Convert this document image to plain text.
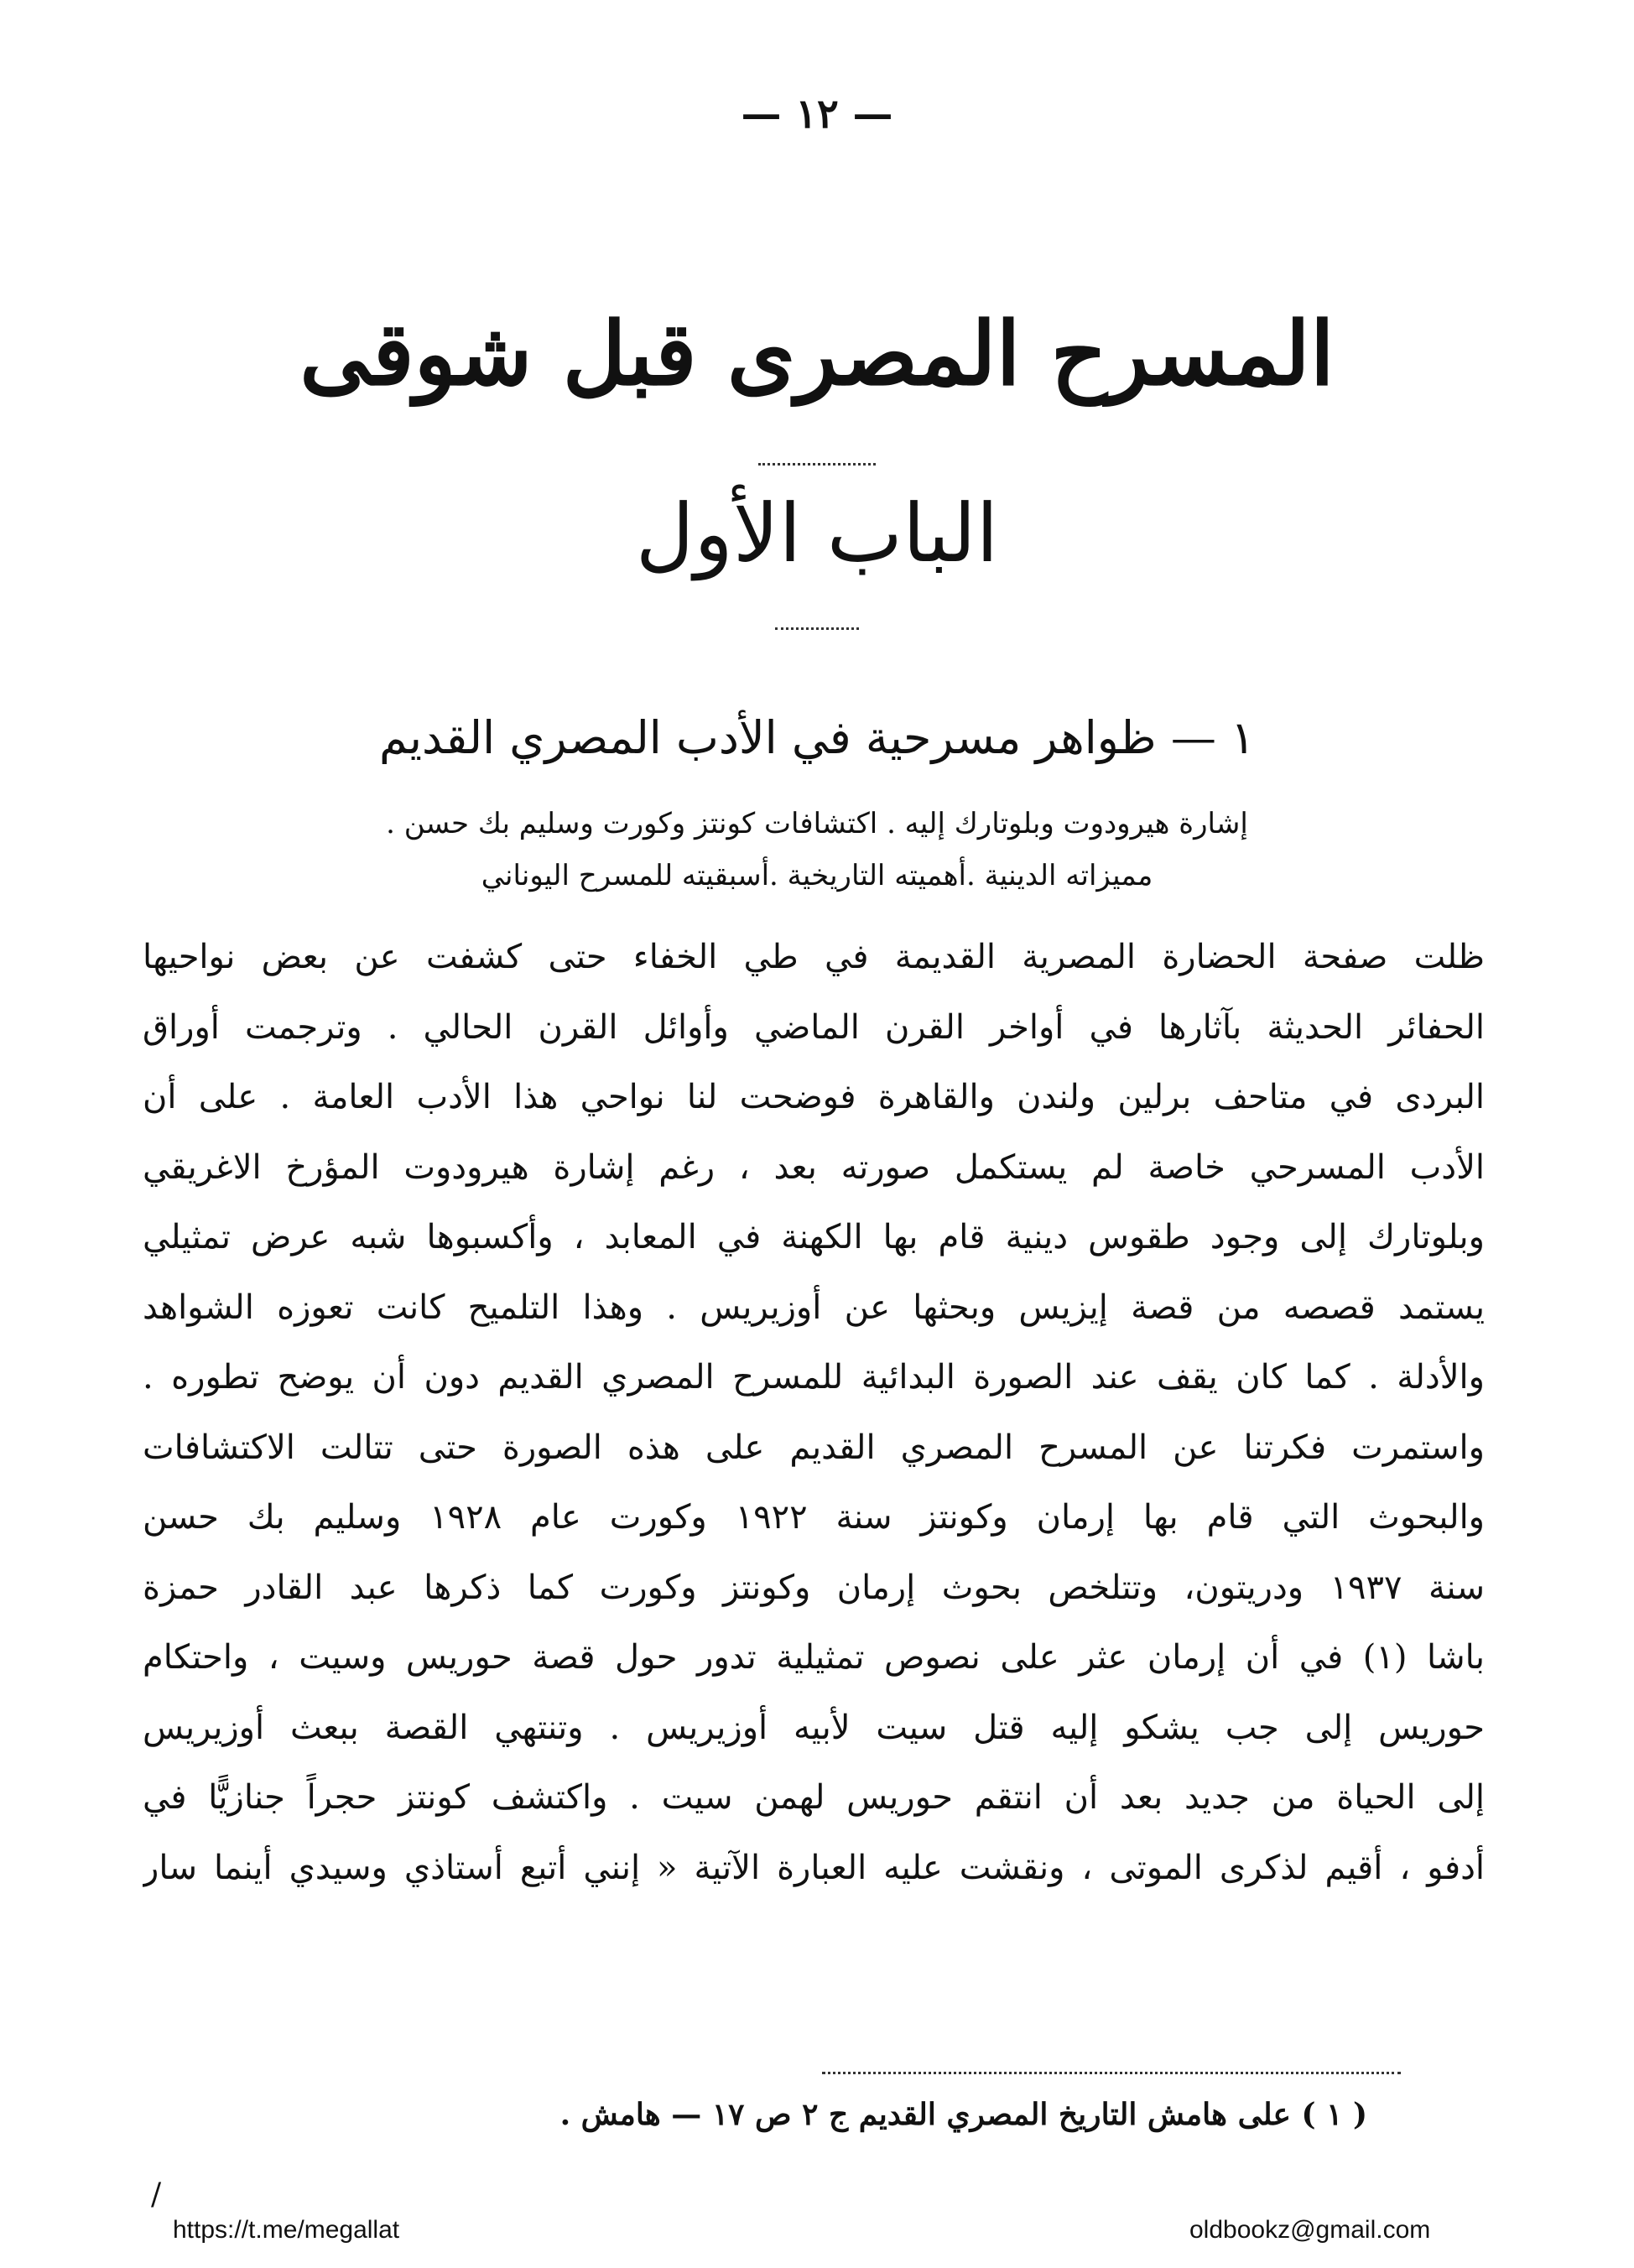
— ١٢ —
المسرح المصرى قبل شوقى
الباب الأول
١ — ظواهر مسرحية في الأدب المصري القديم
إشارة هيرودوت وبلوتارك إليه . اكتشافات كونتز وكورت وسليم بك حسن .
مميزاته الدينية .أهميته التاريخية .أسبقيته للمسرح اليوناني
ظلت صفحة الحضارة المصرية القديمة في طي الخفاء حتى كشفت عن بعض نواحيها
الحفائر الحديثة بآثارها في أواخر القرن الماضي وأوائل القرن الحالي . وترجمت أوراق
البردى في متاحف برلين ولندن والقاهرة فوضحت لنا نواحي هذا الأدب العامة . على أن
الأدب المسرحي خاصة لم يستكمل صورته بعد ، رغم إشارة هيرودوت المؤرخ الاغريقي
وبلوتارك إلى وجود طقوس دينية قام بها الكهنة في المعابد ، وأكسبوها شبه عرض تمثيلي
يستمد قصصه من قصة إيزيس وبحثها عن أوزيريس . وهذا التلميح كانت تعوزه الشواهد
والأدلة . كما كان يقف عند الصورة البدائية للمسرح المصري القديم دون أن يوضح تطوره .
واستمرت فكرتنا عن المسرح المصري القديم على هذه الصورة حتى تتالت الاكتشافات
والبحوث التي قام بها إرمان وكونتز سنة ١٩٢٢ وكورت عام ١٩٢٨ وسليم بك حسن
سنة ١٩٣٧ ودريتون، وتتلخص بحوث إرمان وكونتز وكورت كما ذكرها عبد القادر حمزة
باشا (١) في أن إرمان عثر على نصوص تمثيلية تدور حول قصة حوريس وسيت ، واحتكام
حوريس إلى جب يشكو إليه قتل سيت لأبيه أوزيريس . وتنتهي القصة ببعث أوزيريس
إلى الحياة من جديد بعد أن انتقم حوريس لهمن سيت . واكتشف كونتز حجراً جنازيًّا في
أدفو ، أقيم لذكرى الموتى ، ونقشت عليه العبارة الآتية « إنني أتبع أستاذي وسيدي أينما سار
( ١ ) على هامش التاريخ المصري القديم ج ٢ ص ١٧ — هامش .
/
https://t.me/megallat	oldbookz@gmail.com
